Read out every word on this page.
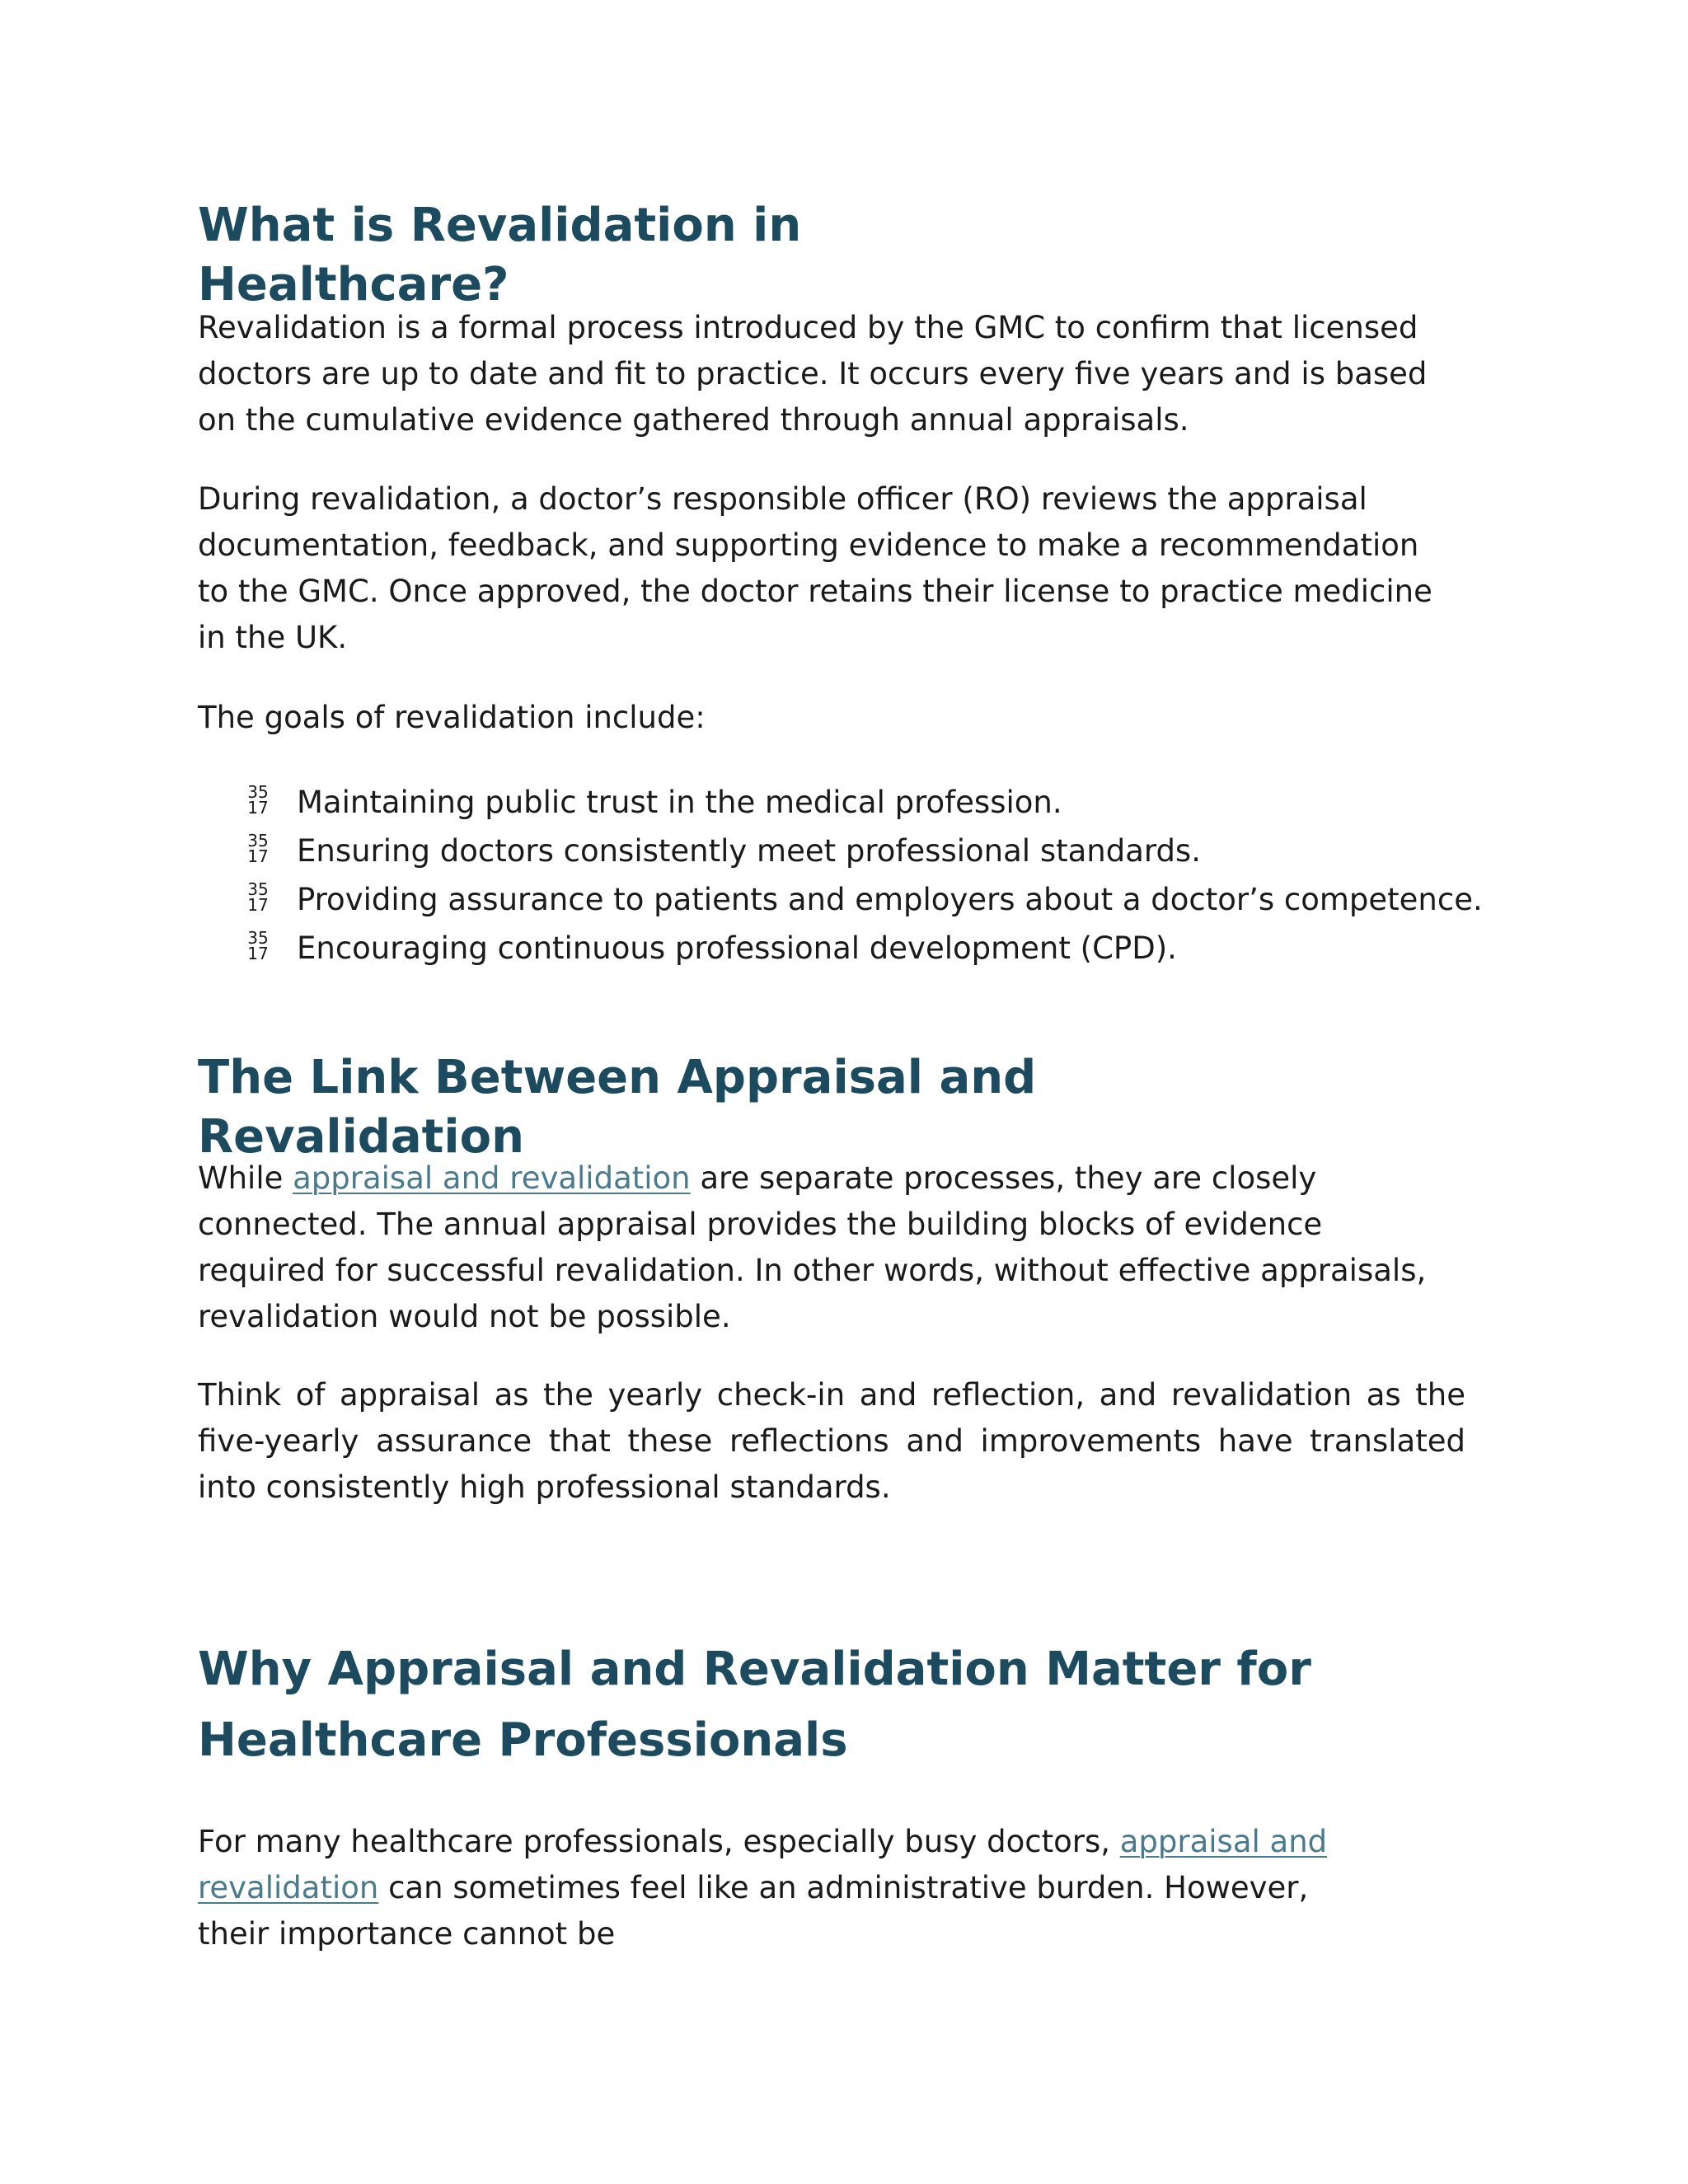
What is Revalidation in
Healthcare?

Revalidation is a formal process introduced by the GMC to confirm that licensed doctors are up to date and fit to practice. It occurs every five years and is based on the cumulative evidence gathered through annual appraisals.

During revalidation, a doctor’s responsible officer (RO) reviews the appraisal documentation, feedback, and supporting evidence to make a recommendation to the GMC. Once approved, the doctor retains their license to practice medicine in the UK.

The goals of revalidation include:

35
17 Maintaining public trust in the medical profession.
35
17 Ensuring doctors consistently meet professional standards.
35
17 Providing assurance to patients and employers about a doctor’s competence.
35
17 Encouraging continuous professional development (CPD).
The Link Between Appraisal and
Revalidation

While appraisal and revalidation are separate processes, they are closely connected. The annual appraisal provides the building blocks of evidence required for successful revalidation. In other words, without effective appraisals, revalidation would not be possible.

Think of appraisal as the yearly check-in and reflection, and revalidation as the five-yearly assurance that these reflections and improvements have translated into consistently high professional standards.

Why Appraisal and Revalidation Matter for
Healthcare Professionals

For many healthcare professionals, especially busy doctors, appraisal and revalidation can sometimes feel like an administrative burden. However, their importance cannot be
